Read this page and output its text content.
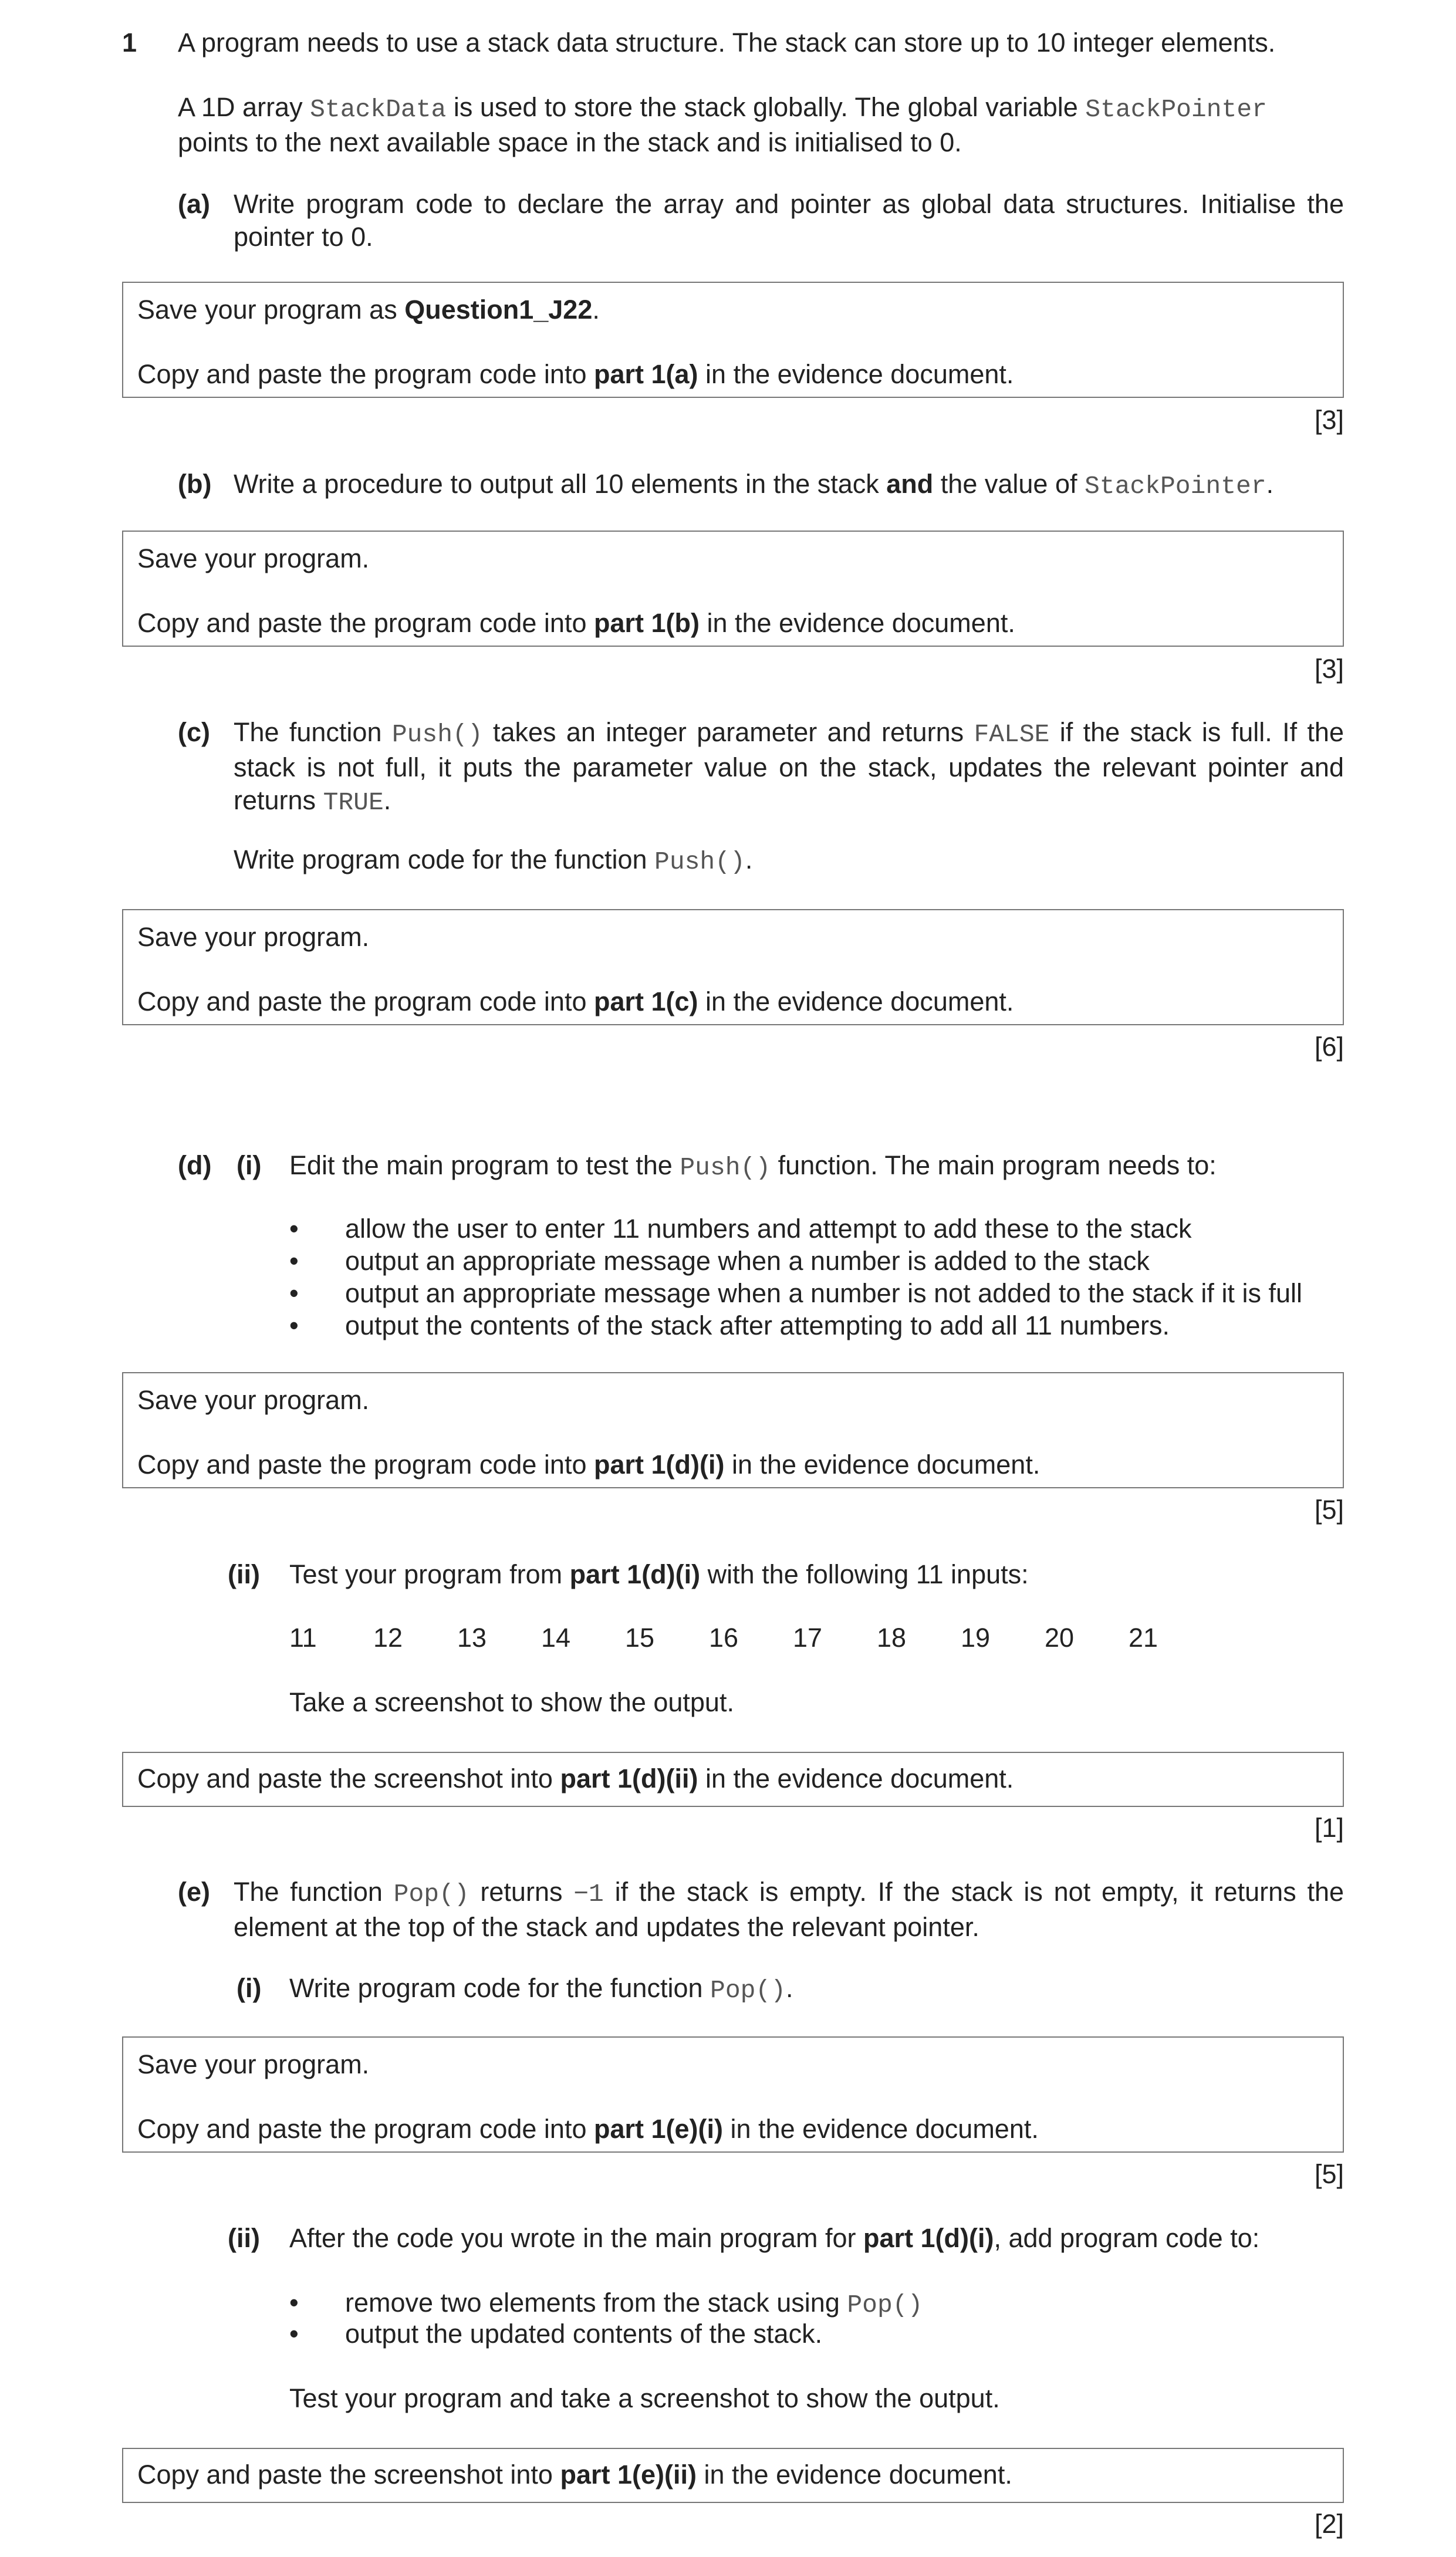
1 A program needs to use a stack data structure. The stack can store up to 10 integer elements.
A 1D array StackData is used to store the stack globally. The global variable StackPointer
points to the next available space in the stack and is initialised to 0.
(a) Write program code to declare the array and pointer as global data structures. Initialise the pointer to 0.
Save your program as Question1_J22.
Copy and paste the program code into part 1(a) in the evidence document.
[3]
(b) Write a procedure to output all 10 elements in the stack and the value of StackPointer.
Save your program.
Copy and paste the program code into part 1(b) in the evidence document.
[3]
(c) The function Push() takes an integer parameter and returns FALSE if the stack is full. If the stack is not full, it puts the parameter value on the stack, updates the relevant pointer and returns TRUE.
Write program code for the function Push().
Save your program.
Copy and paste the program code into part 1(c) in the evidence document.
[6]
(d) (i) Edit the main program to test the Push() function. The main program needs to:
• allow the user to enter 11 numbers and attempt to add these to the stack
• output an appropriate message when a number is added to the stack
• output an appropriate message when a number is not added to the stack if it is full
• output the contents of the stack after attempting to add all 11 numbers.
Save your program.
Copy and paste the program code into part 1(d)(i) in the evidence document.
[5]
(ii) Test your program from part 1(d)(i) with the following 11 inputs:
11 12 13 14 15 16 17 18 19 20 21
Take a screenshot to show the output.
Copy and paste the screenshot into part 1(d)(ii) in the evidence document.
[1]
(e) The function Pop() returns −1 if the stack is empty. If the stack is not empty, it returns the element at the top of the stack and updates the relevant pointer.
(i) Write program code for the function Pop().
Save your program.
Copy and paste the program code into part 1(e)(i) in the evidence document.
[5]
(ii) After the code you wrote in the main program for part 1(d)(i), add program code to:
• remove two elements from the stack using Pop()
• output the updated contents of the stack.
Test your program and take a screenshot to show the output.
Copy and paste the screenshot into part 1(e)(ii) in the evidence document.
[2]
